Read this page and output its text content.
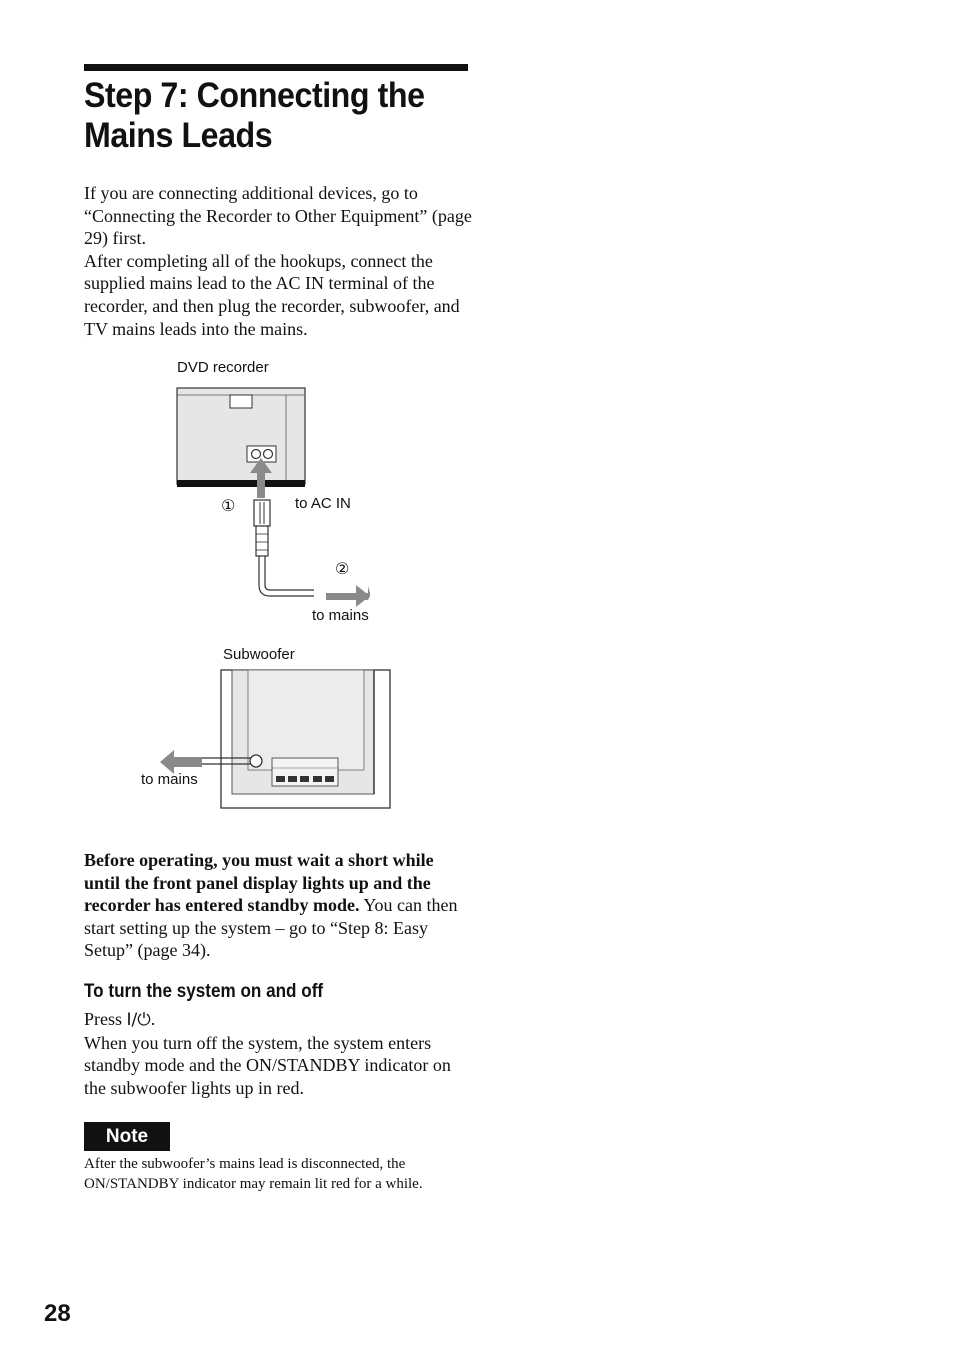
Step 7: Connecting the
Mains Leads

If you are connecting additional devices, go to “Connecting the Recorder to Other Equipment” (page 29) first.

After completing all of the hookups, connect the supplied mains lead to the AC IN terminal of the recorder, and then plug the recorder, subwoofer, and TV mains leads into the mains.

·
DVD recorder
①	to AC IN
②
to mains
Subwoofer
to mains

Before operating, you must wait a short while until the front panel display lights up and the recorder has entered standby mode. You can then start setting up the system – go to “Step 8: Easy Setup” (page 34).

To turn the system on and off

Press I/⏻.

When you turn off the system, the system enters standby mode and the ON/STANDBY indicator on the subwoofer lights up in red.

Note
After the subwoofer’s mains lead is disconnected, the ON/STANDBY indicator may remain lit red for a while.
28
